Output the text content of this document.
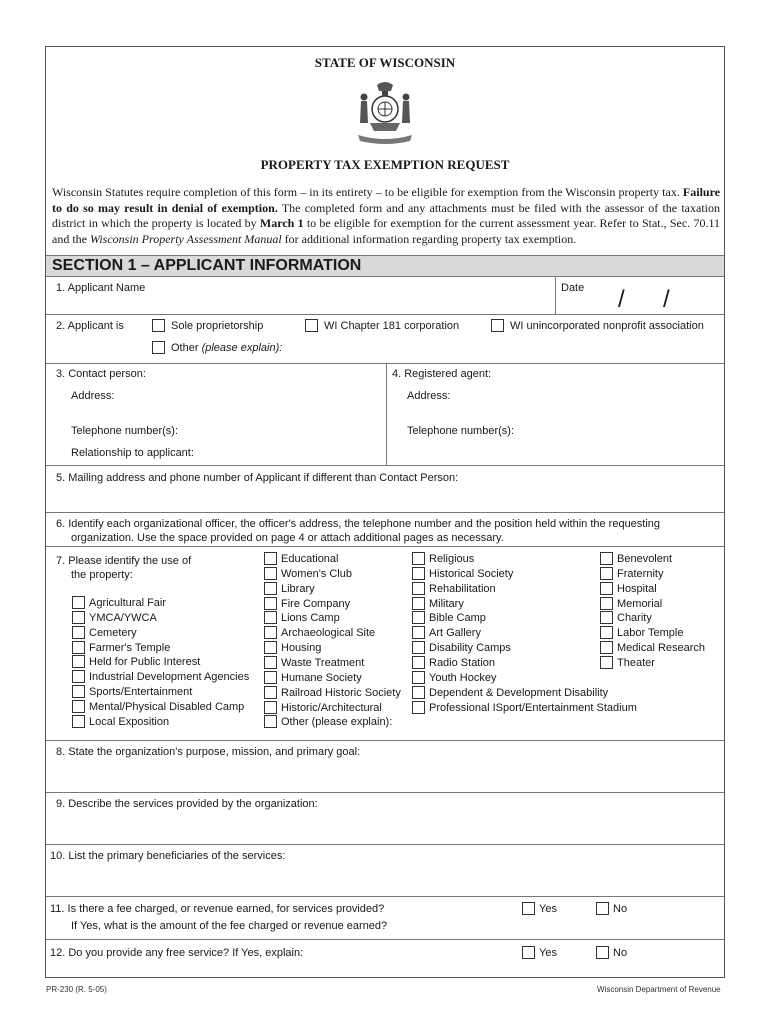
STATE OF WISCONSIN
PROPERTY TAX EXEMPTION REQUEST
Wisconsin Statutes require completion of this form – in its entirety – to be eligible for exemption from the Wisconsin property tax. Failure to do so may result in denial of exemption. The completed form and any attachments must be filed with the assessor of the taxation district in which the property is located by March 1 to be eligible for exemption for the current assessment year. Refer to Stat., Sec. 70.11 and the Wisconsin Property Assessment Manual for additional information regarding property tax exemption.
SECTION 1 – APPLICANT INFORMATION
1. Applicant Name	Date / /
2. Applicant is	Sole proprietorship	WI Chapter 181 corporation	WI unincorporated nonprofit association
Other (please explain):
3. Contact person:
Address:
Telephone number(s):
Relationship to applicant:
4. Registered agent:
Address:
Telephone number(s):
5. Mailing address and phone number of Applicant if different than Contact Person:
6. Identify each organizational officer, the officer's address, the telephone number and the position held within the requesting
organization. Use the space provided on page 4 or attach additional pages as necessary.
7. Please identify the use of
the property:
Agricultural Fair
YMCA/YWCA
Cemetery
Farmer's Temple
Held for Public Interest
Industrial Development Agencies
Sports/Entertainment
Mental/Physical Disabled Camp
Local Exposition
Educational
Women's Club
Library
Fire Company
Lions Camp
Archaeological Site
Housing
Waste Treatment
Humane Society
Railroad Historic Society
Historic/Architectural
Other (please explain):
Religious
Historical Society
Rehabilitation
Military
Bible Camp
Art Gallery
Disability Camps
Radio Station
Youth Hockey
Dependent & Development Disability
Professional ISport/Entertainment Stadium
Benevolent
Fraternity
Hospital
Memorial
Charity
Labor Temple
Medical Research
Theater
8. State the organization's purpose, mission, and primary goal:
9. Describe the services provided by the organization:
10. List the primary beneficiaries of the services:
11. Is there a fee charged, or revenue earned, for services provided?
If Yes, what is the amount of the fee charged or revenue earned?
Yes	No
12. Do you provide any free service? If Yes, explain:	Yes	No
PR-230 (R. 5-05)	Wisconsin Department of Revenue
